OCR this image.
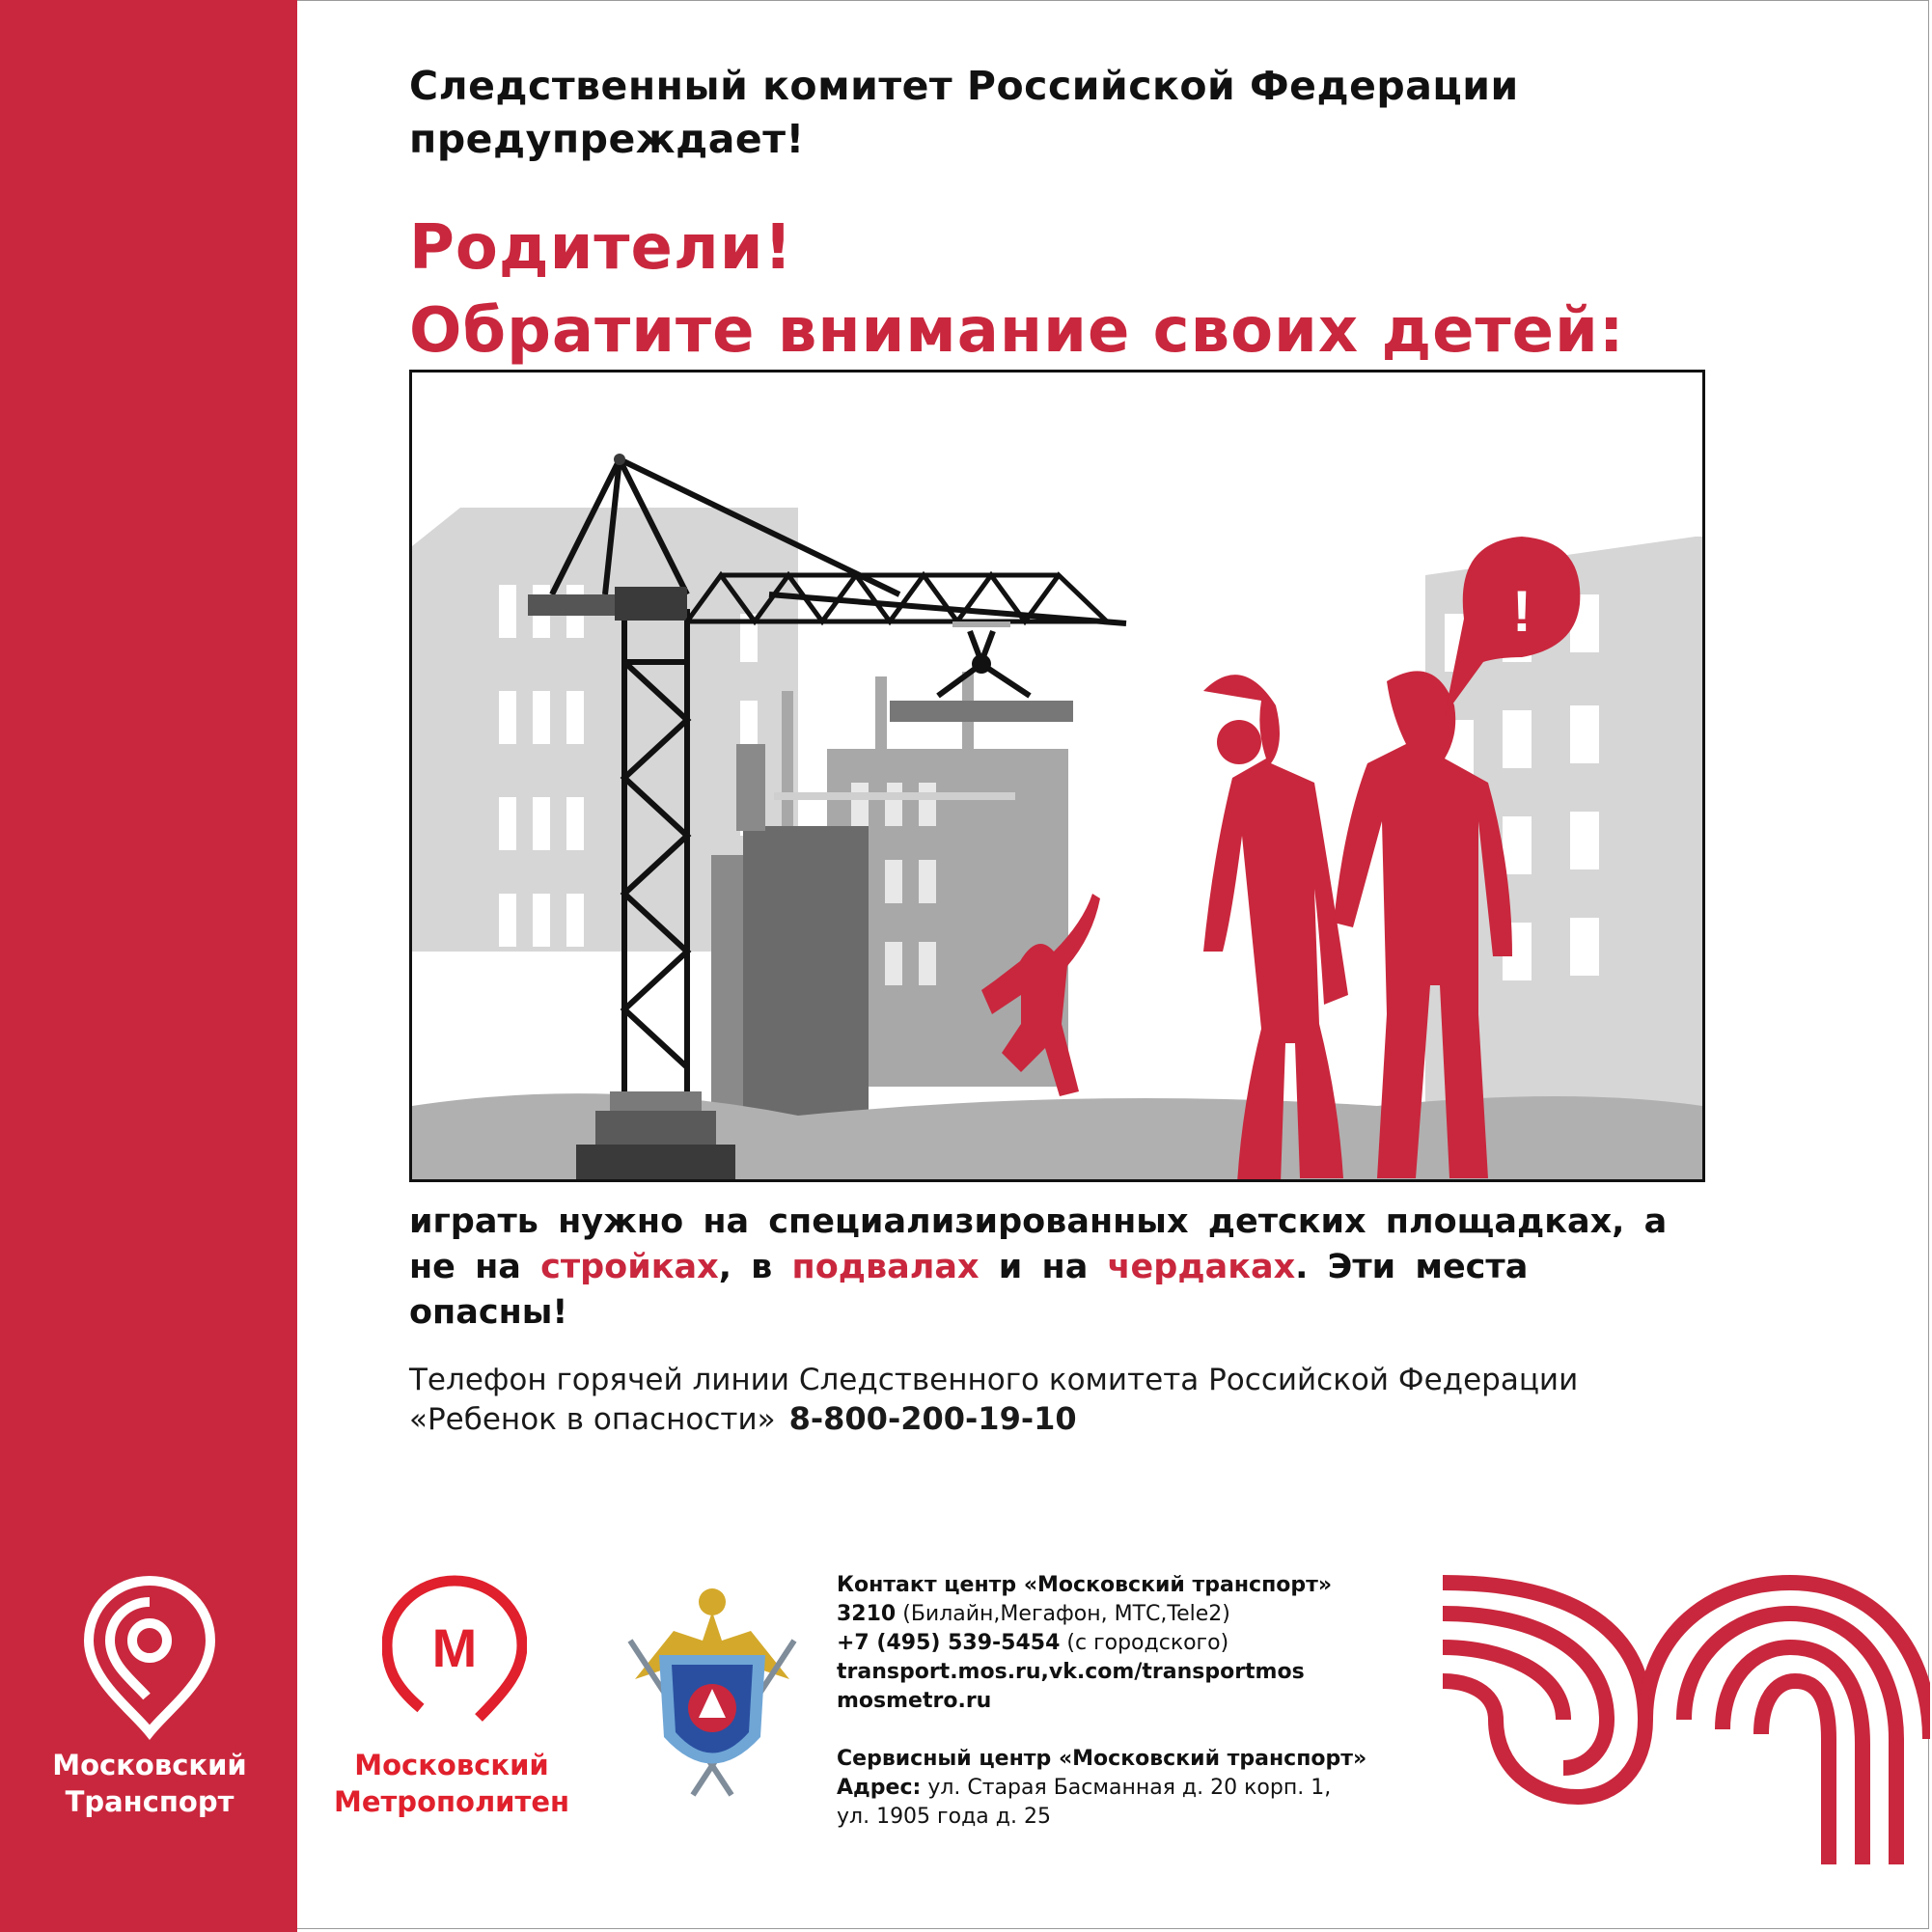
Следственный комитет Российской Федерации
предупреждает!
Родители!
Обратите внимание своих детей:
!
играть нужно на специализированных детских площадках, а не на стройках, в подвалах и на чердаках. Эти места опасны!
Телефон горячей линии Следственного комитета Российской Федерации
«Ребенок в опасности» 8-800-200-19-10
Московский
Транспорт
М
Московский
Метрополитен
Контакт центр «Московский транспорт»
3210 (Билайн,Мегафон, МТС,Tele2)
+7 (495) 539-5454 (с городского)
transport.mos.ru,vk.com/transportmos
mosmetro.ru
Сервисный центр «Московский транспорт»
Адрес: ул. Старая Басманная д. 20 корп. 1,
ул. 1905 года д. 25
